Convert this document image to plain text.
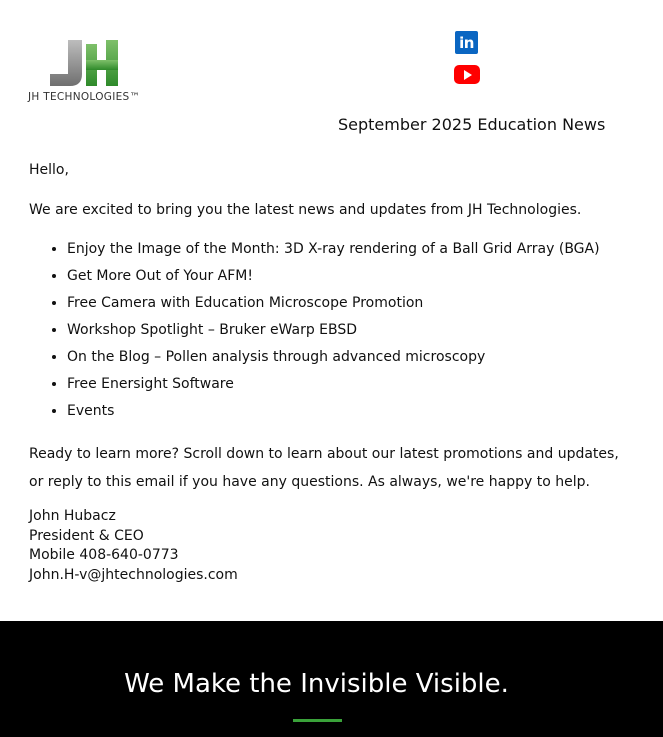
JH TECHNOLOGIES™
in
September 2025 Education News
Hello,
We are excited to bring you the latest news and updates from JH Technologies.
• Enjoy the Image of the Month: 3D X-ray rendering of a Ball Grid Array (BGA)
• Get More Out of Your AFM!
• Free Camera with Education Microscope Promotion
• Workshop Spotlight – Bruker eWarp EBSD
• On the Blog – Pollen analysis through advanced microscopy
• Free Enersight Software
• Events
Ready to learn more? Scroll down to learn about our latest promotions and updates,
or reply to this email if you have any questions. As always, we're happy to help.
John Hubacz
President & CEO
Mobile 408-640-0773
John.H-v@jhtechnologies.com
We Make the Invisible Visible.
